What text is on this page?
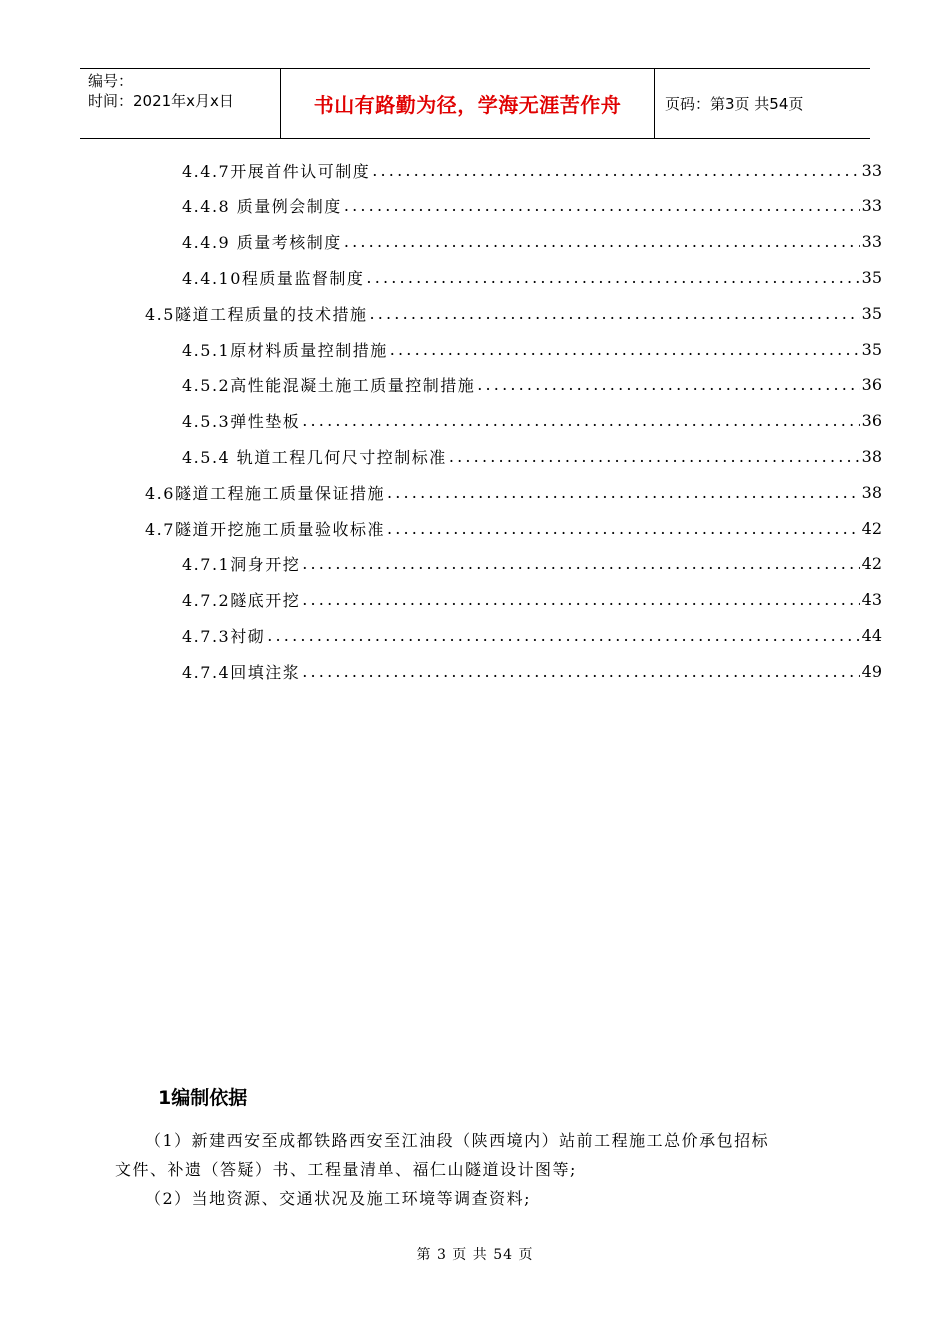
编号：
时间：2021年x月x日	书山有路勤为径，学海无涯苦作舟	页码：第3页 共54页
4.4.7开展首件认可制度 .....	33
4.4.8 质量例会制度 .....	33
4.4.9 质量考核制度 .....	33
4.4.10程质量监督制度 .....	35
4.5隧道工程质量的技术措施 .....	35
4.5.1原材料质量控制措施 .....	35
4.5.2高性能混凝土施工质量控制措施 .....	36
4.5.3弹性垫板 .....	36
4.5.4 轨道工程几何尺寸控制标准 .....	38
4.6隧道工程施工质量保证措施 .....	38
4.7隧道开挖施工质量验收标准 .....	42
4.7.1洞身开挖 .....	42
4.7.2隧底开挖 .....	43
4.7.3衬砌 .....	44
4.7.4回填注浆 .....	49
1编制依据
（1）新建西安至成都铁路西安至江油段（陕西境内）站前工程施工总价承包招标
文件、补遗（答疑）书、工程量清单、福仁山隧道设计图等;
（2）当地资源、交通状况及施工环境等调查资料;
第 3 页 共 54 页
